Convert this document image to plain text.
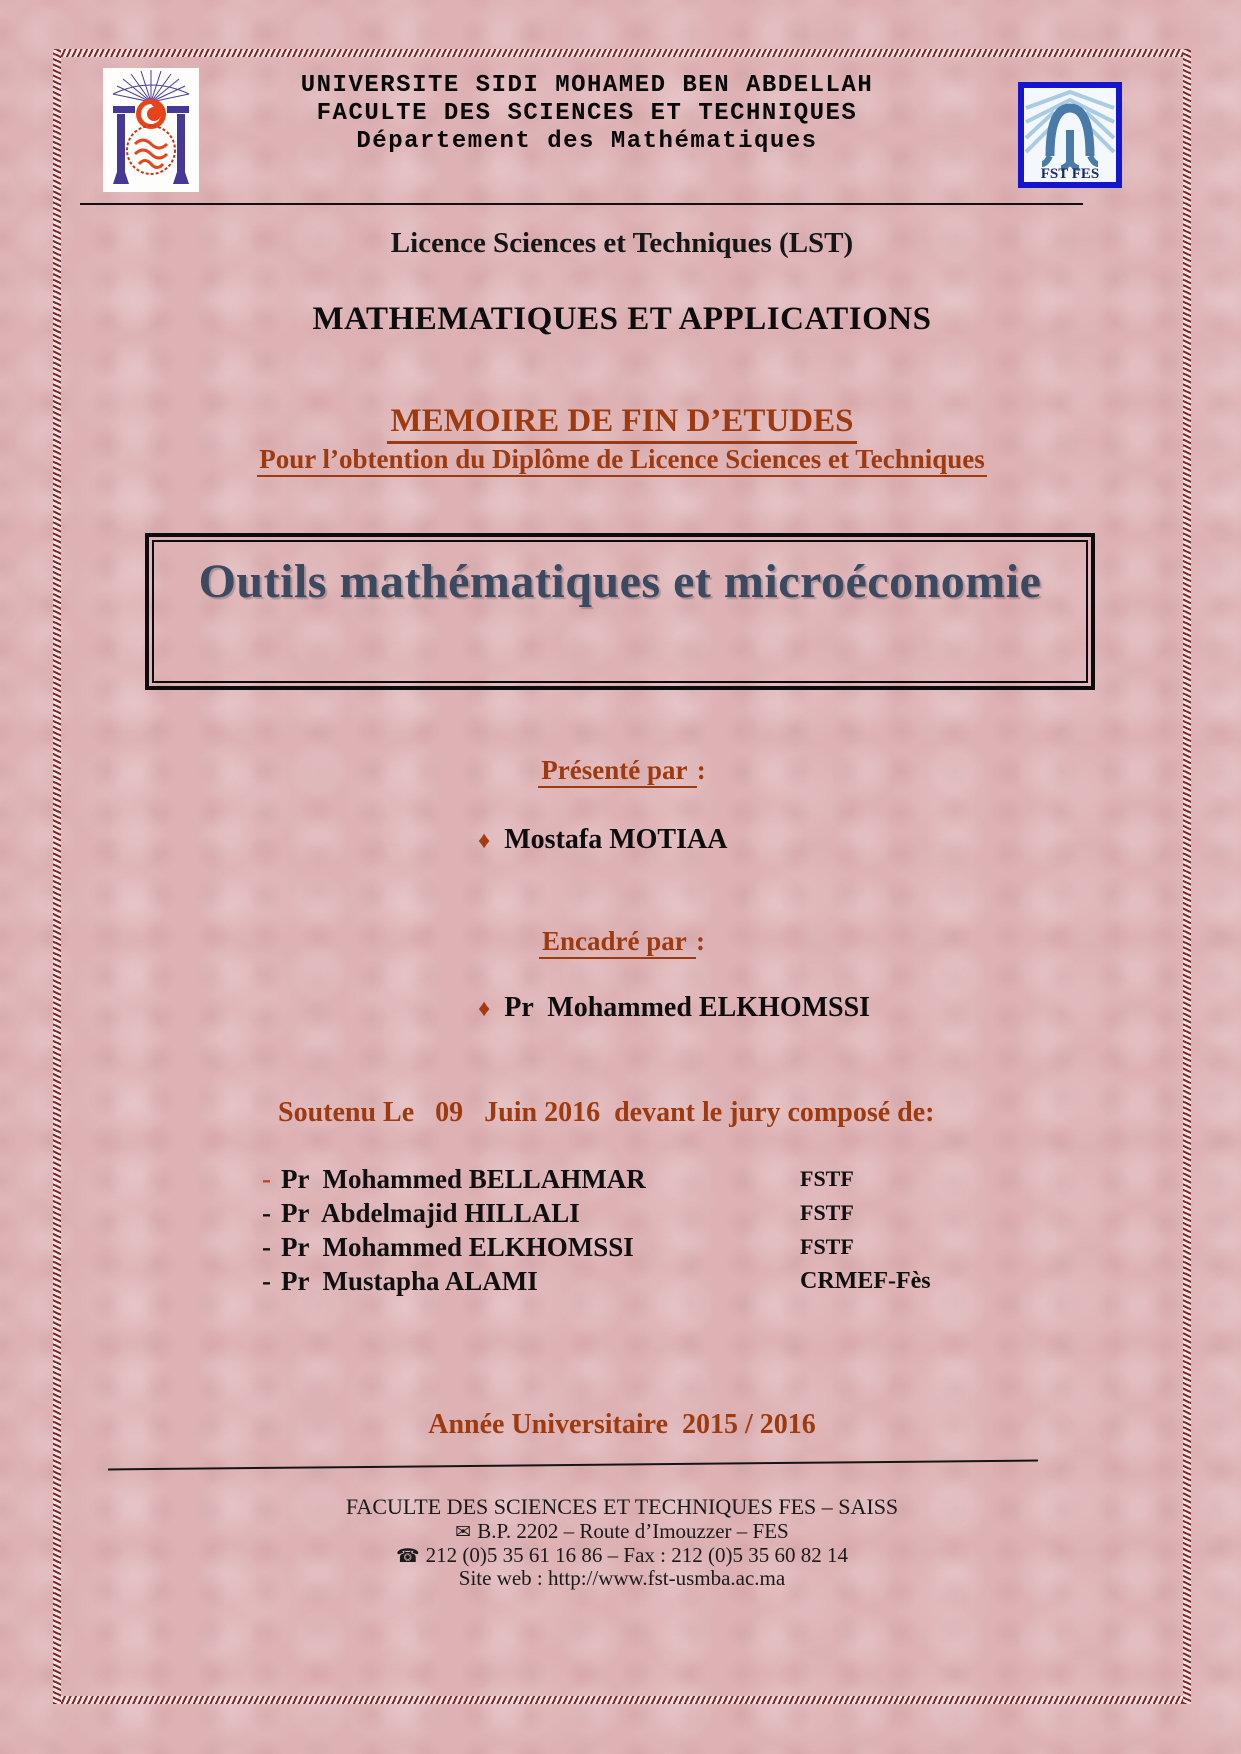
UNIVERSITE SIDI MOHAMED BEN ABDELLAH
FACULTE DES SCIENCES ET TECHNIQUES
Département des Mathématiques
FST FES
Licence Sciences et Techniques (LST)
MATHEMATIQUES ET APPLICATIONS
MEMOIRE DE FIN D’ETUDES
Pour l’obtention du Diplôme de Licence Sciences et Techniques
Outils mathématiques et microéconomie
Présenté par :
♦ Mostafa MOTIAA
Encadré par :
♦ Pr  Mohammed ELKHOMSSI
Soutenu Le   09   Juin 2016  devant le jury composé de:
- Pr  Mohammed BELLAHMAR	FSTF
- Pr  Abdelmajid HILLALI	FSTF
- Pr  Mohammed ELKHOMSSI	FSTF
- Pr  Mustapha ALAMI	CRMEF-Fès
Année Universitaire  2015 / 2016
FACULTE DES SCIENCES ET TECHNIQUES FES – SAISS
✉ B.P. 2202 – Route d’Imouzzer – FES
☎ 212 (0)5 35 61 16 86 – Fax : 212 (0)5 35 60 82 14
Site web : http://www.fst-usmba.ac.ma
